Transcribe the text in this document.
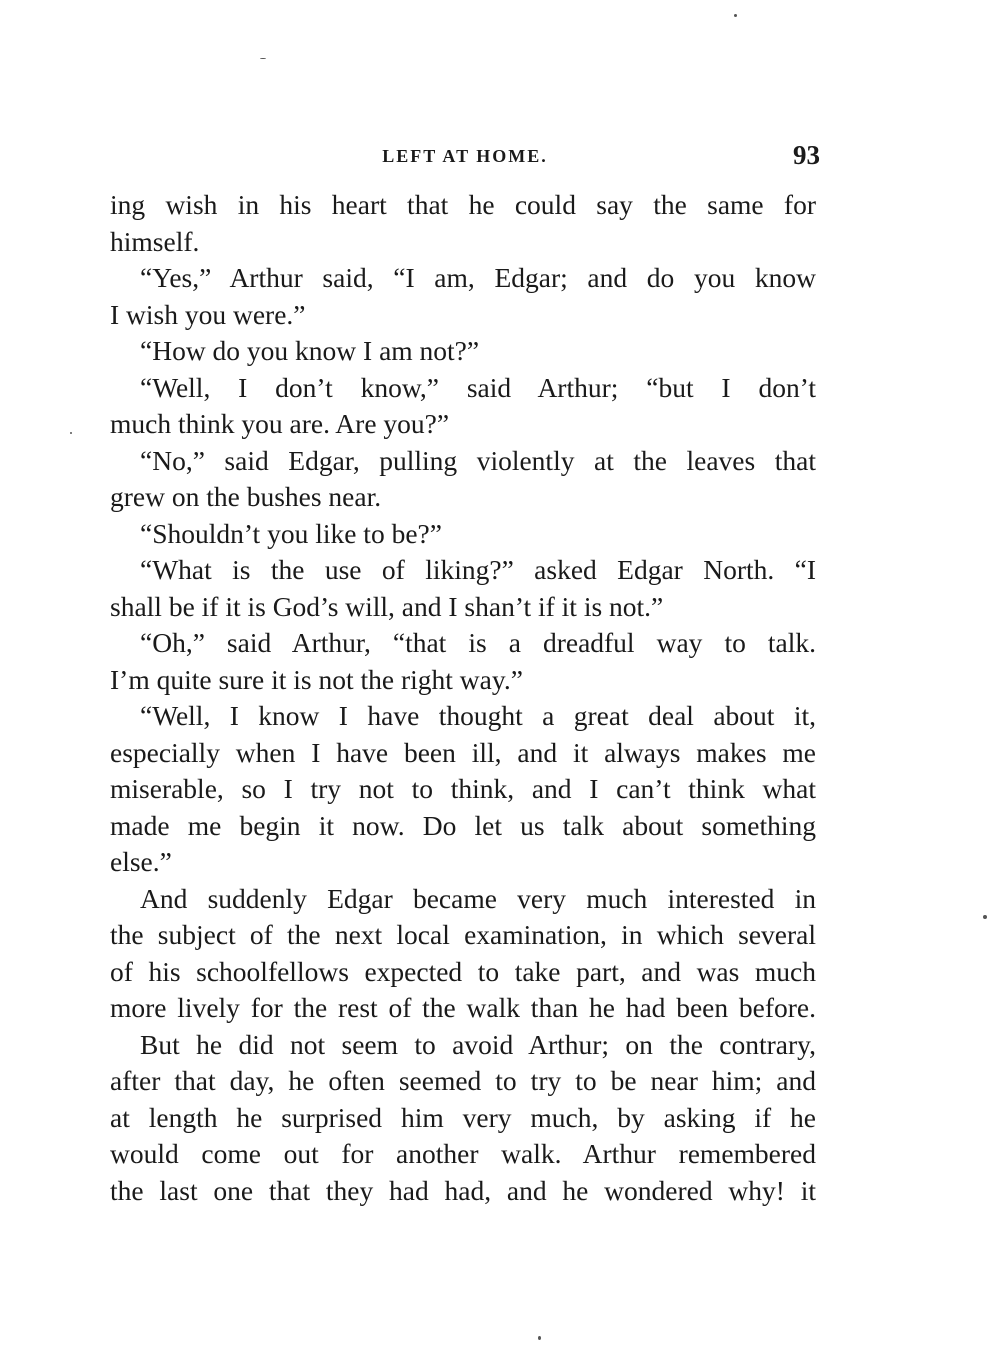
LEFT AT HOME.	93
ing wish in his heart that he could say the same for
himself.
“Yes,” Arthur said, “I am, Edgar; and do you know
I wish you were.”
“How do you know I am not?”
“Well, I don’t know,” said Arthur; “but I don’t
much think you are. Are you?”
“No,” said Edgar, pulling violently at the leaves that
grew on the bushes near.
“Shouldn’t you like to be?”
“What is the use of liking?” asked Edgar North. “I
shall be if it is God’s will, and I shan’t if it is not.”
“Oh,” said Arthur, “that is a dreadful way to talk.
I’m quite sure it is not the right way.”
“Well, I know I have thought a great deal about it,
especially when I have been ill, and it always makes me
miserable, so I try not to think, and I can’t think what
made me begin it now. Do let us talk about something
else.”
And suddenly Edgar became very much interested in
the subject of the next local examination, in which several
of his schoolfellows expected to take part, and was much
more lively for the rest of the walk than he had been before.
But he did not seem to avoid Arthur; on the contrary,
after that day, he often seemed to try to be near him; and
at length he surprised him very much, by asking if he
would come out for another walk. Arthur remembered
the last one that they had had, and he wondered why! it
